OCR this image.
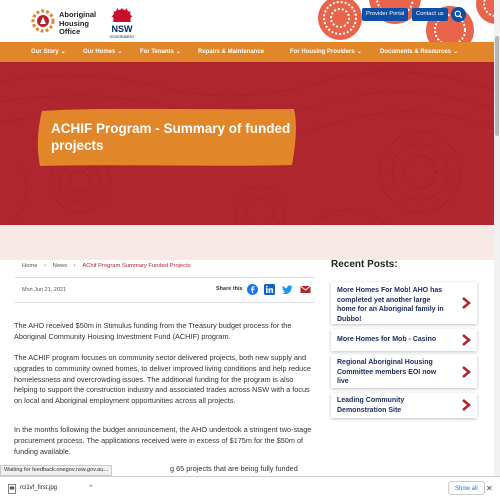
Aboriginal Housing Office	NSW
GOVERNMENT
Provider Portal	Contact us
Our Story ⌄	Our Homes ⌄	For Tenants ⌄	Repairs & Maintenance	For Housing Providers ⌄	Documents & Resources ⌄
ACHIF Program - Summary of funded projects
Home › News › AChif Program Summary Funded Projects
Mon Jun 21, 2021	Share this

The AHO received $50m in Stimulus funding from the Treasury budget process for the Aboriginal Community Housing Investment Fund (ACHIF) program.

The ACHIF program focuses on community sector delivered projects, both new supply and upgrades to community owned homes, to deliver improved living conditions and help reduce homelessness and overcrowding issues. The additional funding for the program is also helping to support the construction industry and associated trades across NSW with a focus on local and Aboriginal employment opportunities across all projects.

In the months following the budget announcement, the AHO undertook a stringent two-stage procurement process. The applications received were in excess of $175m for the $50m of funding available.

g 65 projects that are being fully funded

Recent Posts:
More Homes For Mob! AHO has completed yet another large home for an Aboriginal family in Dubbo!
More Homes for Mob - Casino
Regional Aboriginal Housing Committee members EOI now live
Leading Community Demonstration Site
Waiting for feedback.onegov.nsw.gov.au...
rci1vf_first.jpg	⌃	Show all	✕
